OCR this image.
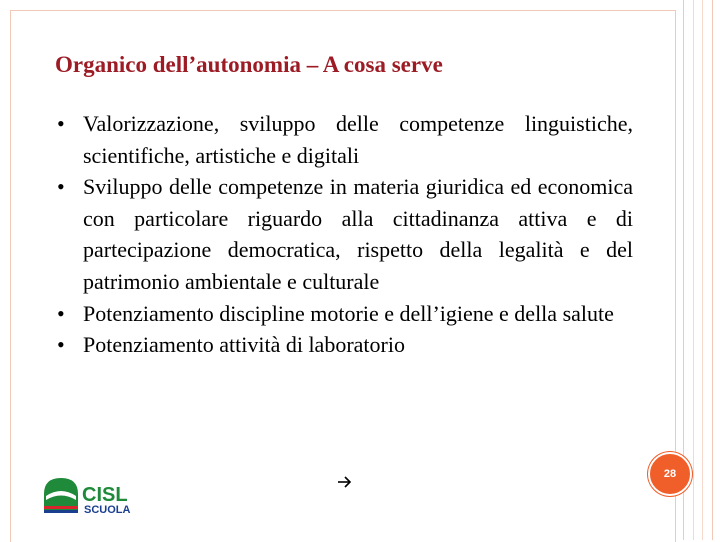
Organico dell’autonomia – A cosa serve
• Valorizzazione, sviluppo delle competenze linguistiche, scientifiche, artistiche e digitali
• Sviluppo delle competenze in materia giuridica ed economica con particolare riguardo alla cittadinanza attiva e di partecipazione democratica, rispetto della legalità e del patrimonio ambientale e culturale
• Potenziamento discipline motorie e dell’igiene e della salute
• Potenziamento attività di laboratorio
28
CISL
SCUOLA
